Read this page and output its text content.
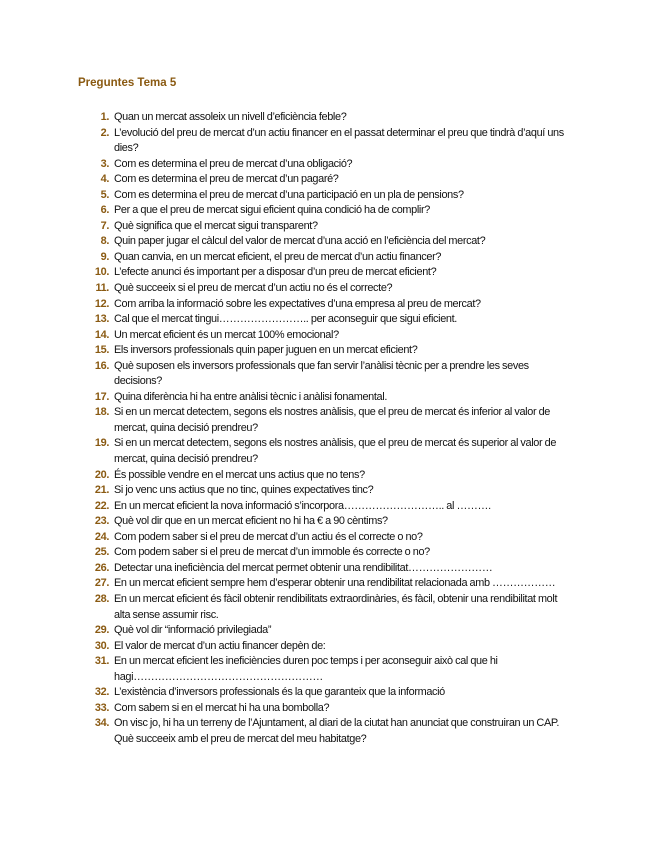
Preguntes Tema 5
1. Quan un mercat assoleix un nivell d’eficiència feble?
2. L’evolució del preu de mercat d’un actiu financer en el passat determinar el preu que tindrà d’aquí uns dies?
3. Com es determina el preu de mercat d’una obligació?
4. Com es determina el preu de mercat d’un pagaré?
5. Com es determina el preu de mercat d’una participació en un pla de pensions?
6. Per a que el preu de mercat sigui eficient quina condició ha de complir?
7. Què significa que el mercat sigui transparent?
8. Quin paper jugar el càlcul del valor de mercat d’una acció en l’eficiència del mercat?
9. Quan canvia, en un mercat eficient, el preu de mercat d’un actiu financer?
10. L’efecte anunci és important per a disposar d’un preu de mercat eficient?
11. Què succeeix si el preu de mercat d’un actiu no és el correcte?
12. Com arriba la informació sobre les expectatives d’una empresa al preu de mercat?
13. Cal que el mercat tingui…………………….. per aconseguir que sigui eficient.
14. Un mercat eficient és un mercat 100% emocional?
15. Els inversors professionals quin paper juguen en un mercat eficient?
16. Què suposen els inversors professionals que fan servir l’anàlisi tècnic per a prendre les seves decisions?
17. Quina diferència hi ha entre anàlisi tècnic i anàlisi fonamental.
18. Si en un mercat detectem, segons els nostres anàlisis, que el preu de mercat és inferior al valor de mercat, quina decisió prendreu?
19. Si en un mercat detectem, segons els nostres anàlisis, que el preu de mercat és superior al valor de mercat, quina decisió prendreu?
20. És possible vendre en el mercat uns actius que no tens?
21. Si jo venc uns actius que no tinc, quines expectatives tinc?
22. En un mercat eficient la nova informació s’incorpora……………………….. al ……….
23. Què vol dir que en un mercat eficient no hi ha € a 90 cèntims?
24. Com podem saber si el preu de mercat d’un actiu és el correcte o no?
25. Com podem saber si el preu de mercat d’un immoble és correcte o no?
26. Detectar una ineficiència del mercat permet obtenir una rendibilitat……………………
27. En un mercat eficient sempre hem d’esperar obtenir una rendibilitat relacionada amb ………………
28. En un mercat eficient és fàcil obtenir rendibilitats extraordinàries, és fàcil, obtenir una rendibilitat molt alta sense assumir risc.
29. Què vol dir “informació privilegiada”
30. El valor de mercat d’un actiu financer depèn de:
31. En un mercat eficient les ineficiències duren poc temps i per aconseguir això cal que hi hagi………………………………………………
32. L’existència d’inversors professionals és la que garanteix que la informació
33. Com sabem si en el mercat hi ha una bombolla?
34. On visc jo, hi ha un terreny de l’Ajuntament, al diari de la ciutat han anunciat que construiran un CAP. Què succeeix amb el preu de mercat del meu habitatge?
